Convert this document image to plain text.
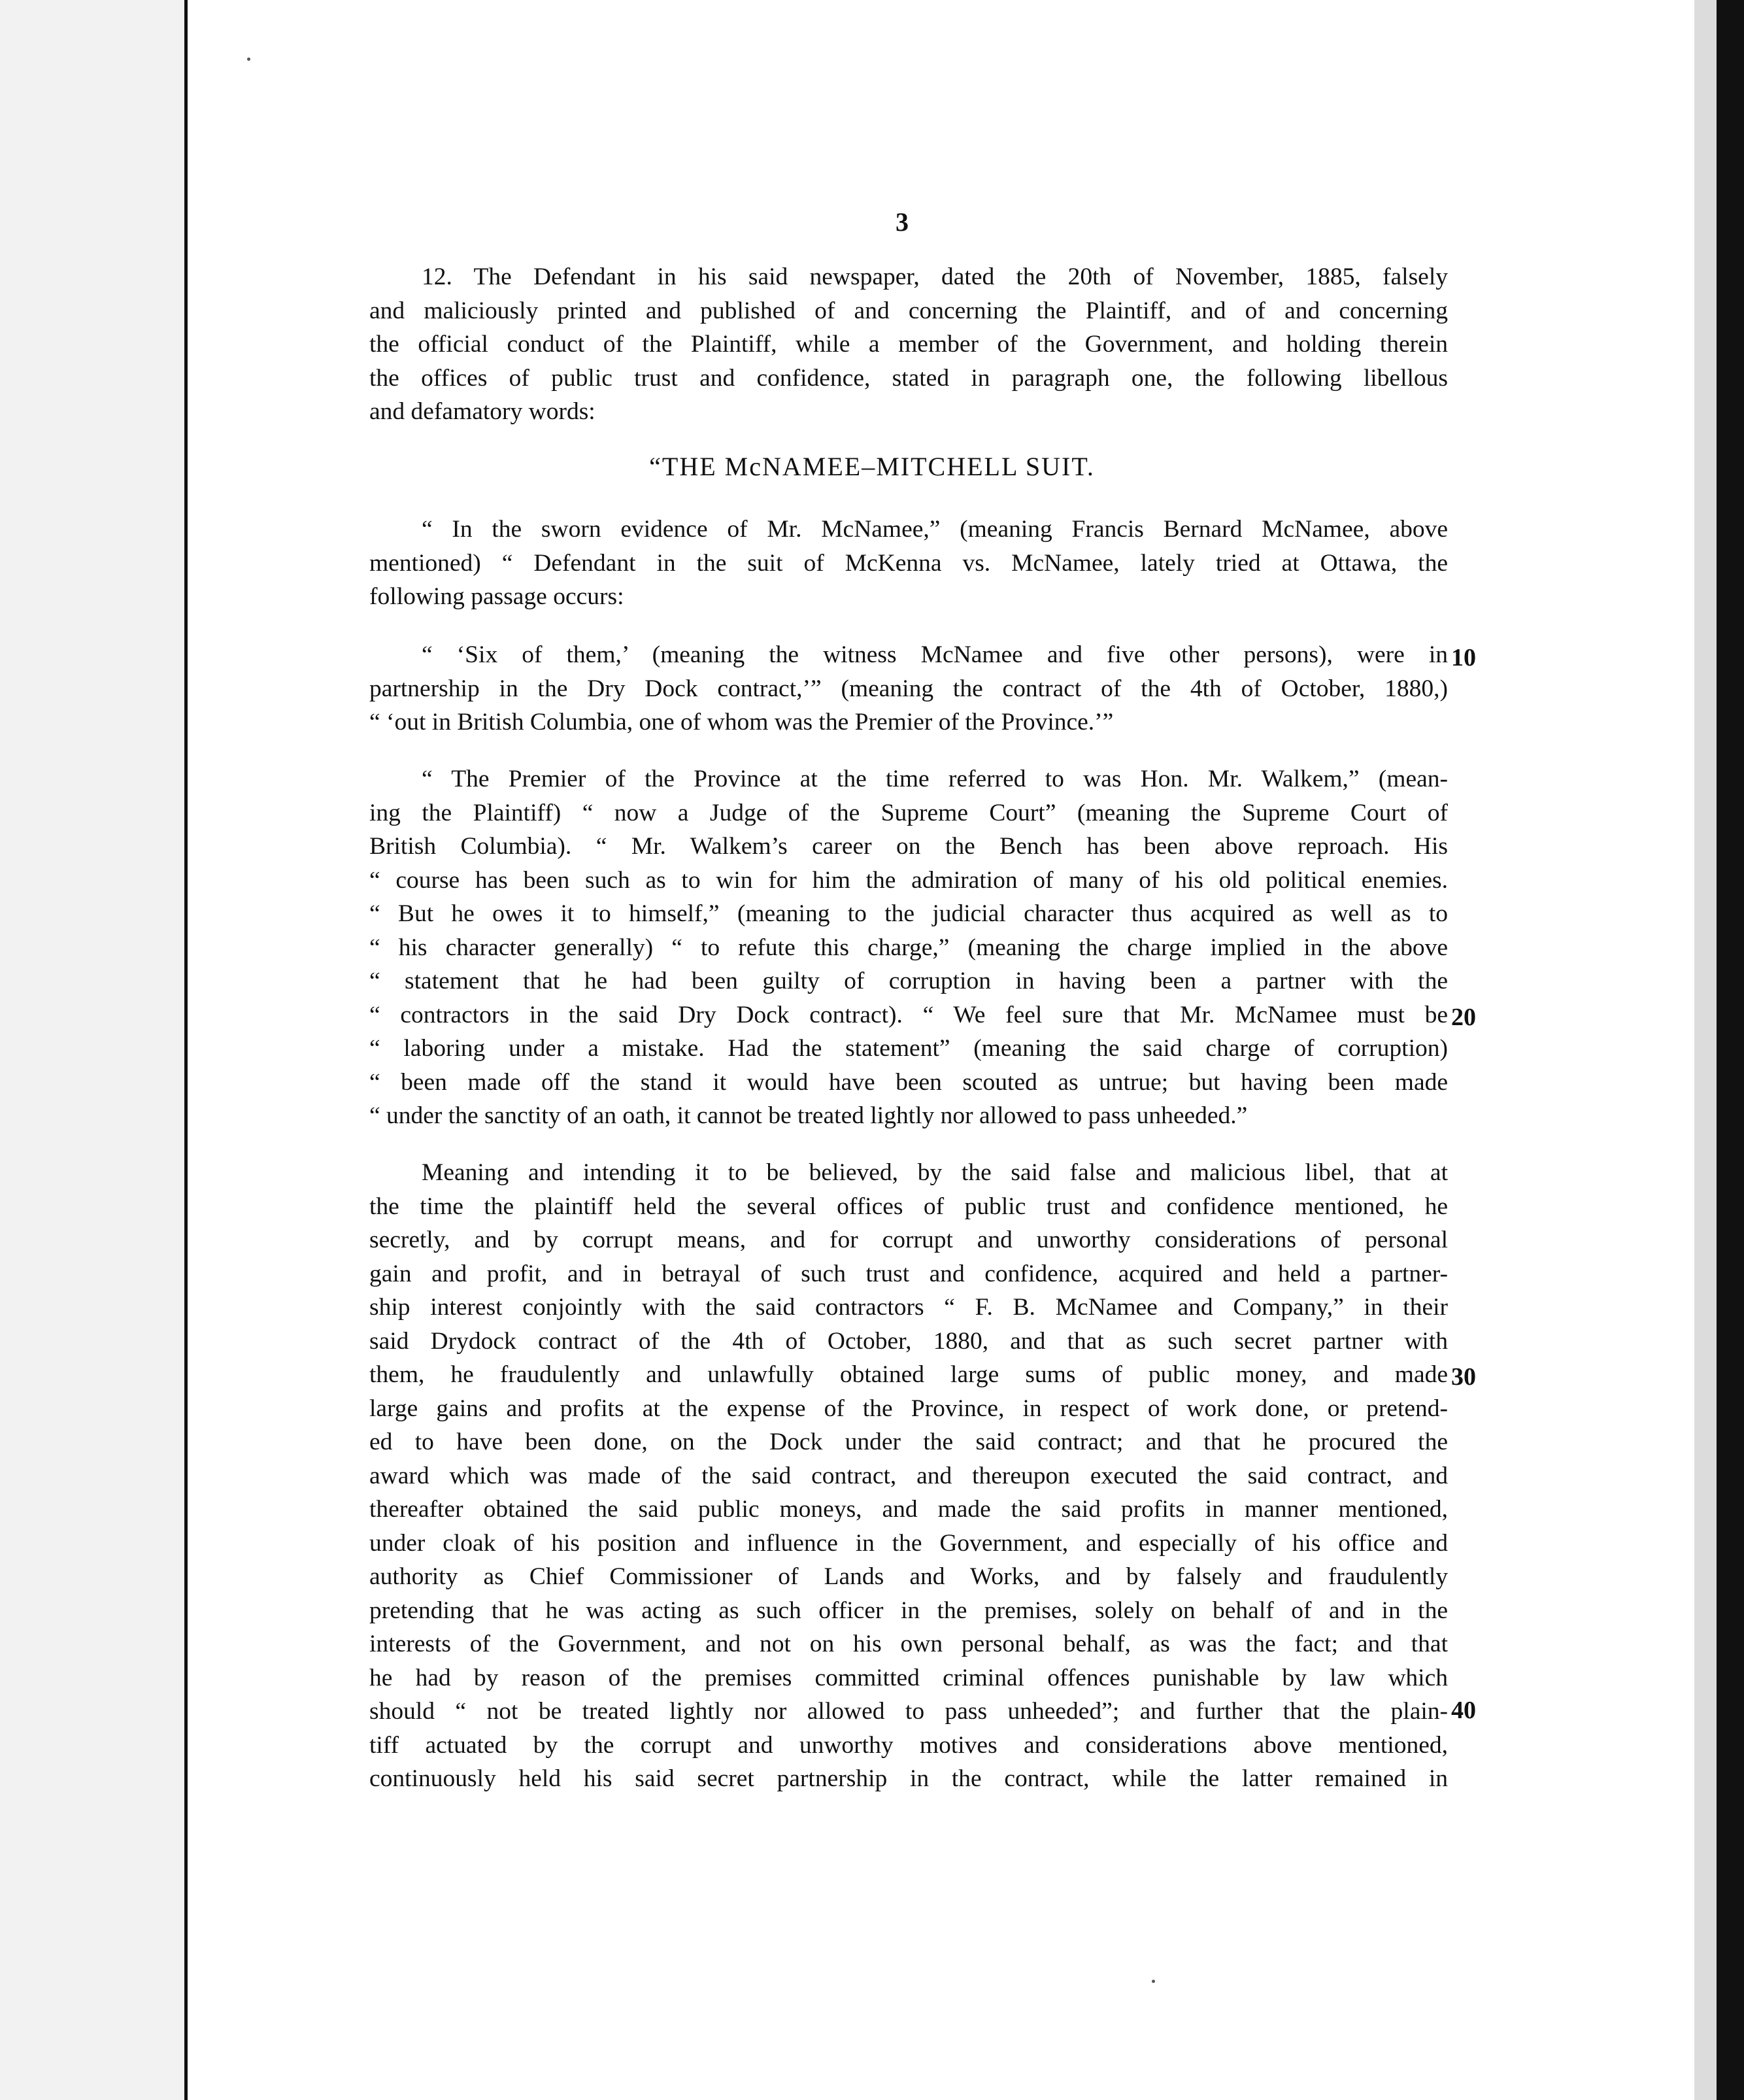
3
12. The Defendant in his said newspaper, dated the 20th of November, 1885, falsely
and maliciously printed and published of and concerning the Plaintiff, and of and concerning
the official conduct of the Plaintiff, while a member of the Government, and holding therein
the offices of public trust and confidence, stated in paragraph one, the following libellous
and defamatory words:
“THE McNAMEE–MITCHELL SUIT.
“ In the sworn evidence of Mr. McNamee,” (meaning Francis Bernard McNamee, above
mentioned) “ Defendant in the suit of McKenna vs. McNamee, lately tried at Ottawa, the
following passage occurs:
“ ‘Six of them,’ (meaning the witness McNamee and five other persons), were in
partnership in the Dry Dock contract,’” (meaning the contract of the 4th of October, 1880,)
“ ‘out in British Columbia, one of whom was the Premier of the Province.’”
“ The Premier of the Province at the time referred to was Hon. Mr. Walkem,” (mean-
ing the Plaintiff) “ now a Judge of the Supreme Court” (meaning the Supreme Court of
British Columbia). “ Mr. Walkem’s career on the Bench has been above reproach. His
“ course has been such as to win for him the admiration of many of his old political enemies.
“ But he owes it to himself,” (meaning to the judicial character thus acquired as well as to
“ his character generally) “ to refute this charge,” (meaning the charge implied in the above
“ statement that he had been guilty of corruption in having been a partner with the
“ contractors in the said Dry Dock contract). “ We feel sure that Mr. McNamee must be
“ laboring under a mistake. Had the statement” (meaning the said charge of corruption)
“ been made off the stand it would have been scouted as untrue; but having been made
“ under the sanctity of an oath, it cannot be treated lightly nor allowed to pass unheeded.”
Meaning and intending it to be believed, by the said false and malicious libel, that at
the time the plaintiff held the several offices of public trust and confidence mentioned, he
secretly, and by corrupt means, and for corrupt and unworthy considerations of personal
gain and profit, and in betrayal of such trust and confidence, acquired and held a partner-
ship interest conjointly with the said contractors “ F. B. McNamee and Company,” in their
said Drydock contract of the 4th of October, 1880, and that as such secret partner with
them, he fraudulently and unlawfully obtained large sums of public money, and made
large gains and profits at the expense of the Province, in respect of work done, or pretend-
ed to have been done, on the Dock under the said contract; and that he procured the
award which was made of the said contract, and thereupon executed the said contract, and
thereafter obtained the said public moneys, and made the said profits in manner mentioned,
under cloak of his position and influence in the Government, and especially of his office and
authority as Chief Commissioner of Lands and Works, and by falsely and fraudulently
pretending that he was acting as such officer in the premises, solely on behalf of and in the
interests of the Government, and not on his own personal behalf, as was the fact; and that
he had by reason of the premises committed criminal offences punishable by law which
should “ not be treated lightly nor allowed to pass unheeded”; and further that the plain-
tiff actuated by the corrupt and unworthy motives and considerations above mentioned,
continuously held his said secret partnership in the contract, while the latter remained in
10
20
30
40
